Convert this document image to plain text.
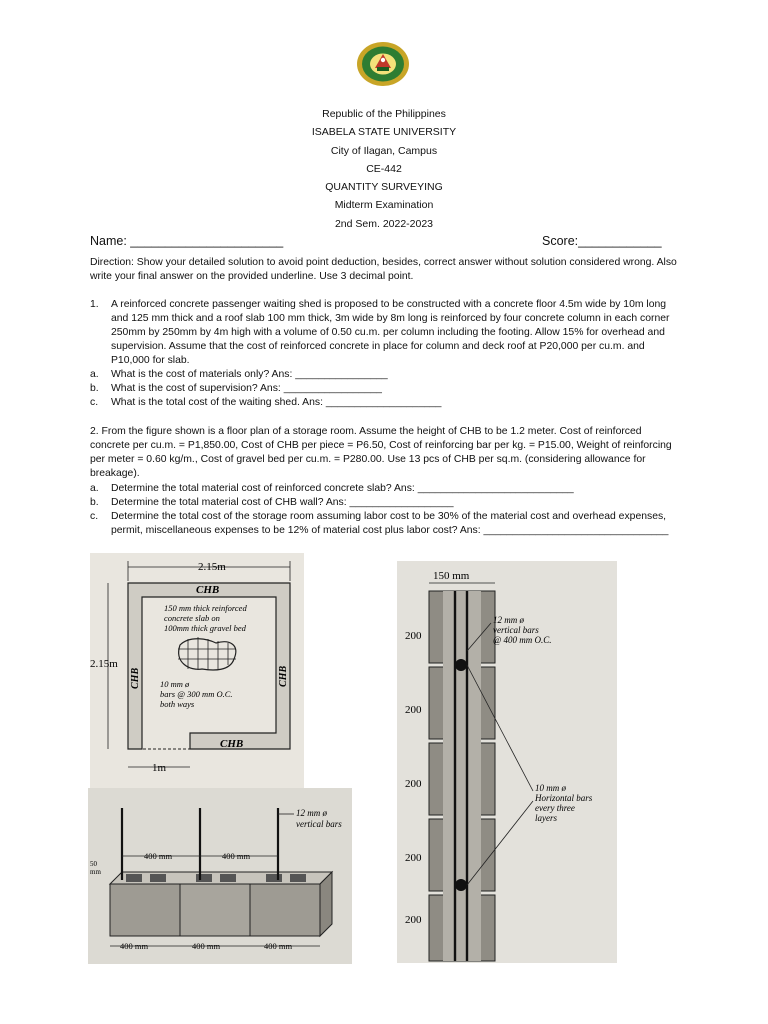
Republic of the Philippines
ISABELA STATE UNIVERSITY
City of Ilagan, Campus
CE-442
QUANTITY SURVEYING
Midterm Examination
2nd Sem. 2022-2023
Name: ______________________	Score:____________
Direction: Show your detailed solution to avoid point deduction, besides, correct answer without solution considered wrong. Also
write your final answer on the provided underline. Use 3 decimal point.
1. A reinforced concrete passenger waiting shed is proposed to be constructed with a concrete floor 4.5m wide by 10m long
and 125 mm thick and a roof slab 100 mm thick, 3m wide by 8m long is reinforced by four concrete column in each corner
250mm by 250mm by 4m high with a volume of 0.50 cu.m. per column including the footing. Allow 15% for overhead and
supervision. Assume that the cost of reinforced concrete in place for column and deck roof at P20,000 per cu.m. and
P10,000 for slab.
a. What is the cost of materials only? Ans: ________________
b. What is the cost of supervision? Ans: _________________
c. What is the total cost of the waiting shed. Ans: ____________________
2. From the figure shown is a floor plan of a storage room. Assume the height of CHB to be 1.2 meter. Cost of reinforced
concrete per cu.m. = P1,850.00, Cost of CHB per piece = P6.50, Cost of reinforcing bar per kg. = P15.00, Weight of reinforcing
per meter = 0.60 kg/m., Cost of gravel bed per cu.m. = P280.00. Use 13 pcs of CHB per sq.m. (considering allowance for
breakage).
a. Determine the total material cost of reinforced concrete slab? Ans: ___________________________
b. Determine the total material cost of CHB wall? Ans: __________________
c. Determine the total cost of the storage room assuming labor cost to be 30% of the material cost and overhead expenses,
permit, miscellaneous expenses to be 12% of material cost plus labor cost? Ans: ________________________________
2.15m
2.15m
1m
CHB
CHB
CHB	CHB
150 mm thick reinforced
concrete slab on
100mm thick gravel bed
10 mm ø
bars @ 300 mm O.C.
both ways
12 mm ø
vertical bars
400 mm	400 mm
400 mm	400 mm	400 mm
50
mm
150 mm
200
200
200
200
200
12 mm ø
vertical bars
@ 400 mm O.C.
10 mm ø
Horizontal bars
every three
layers
